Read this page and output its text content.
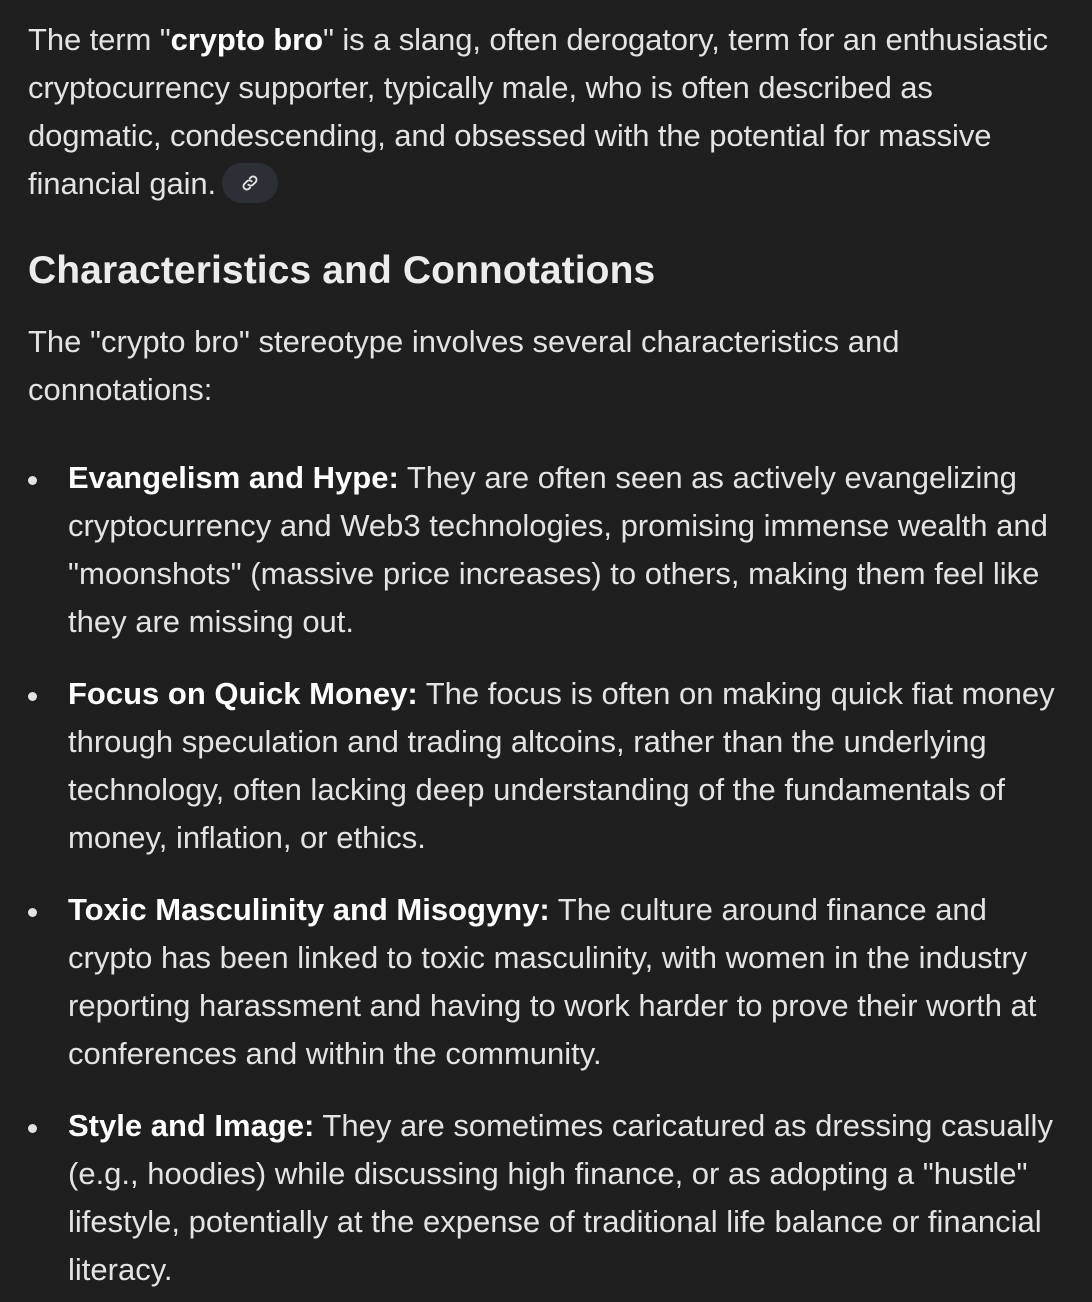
The term "crypto bro" is a slang, often derogatory, term for an enthusiastic cryptocurrency supporter, typically male, who is often described as dogmatic, condescending, and obsessed with the potential for massive financial gain.

Characteristics and Connotations

The "crypto bro" stereotype involves several characteristics and connotations:

Evangelism and Hype: They are often seen as actively evangelizing cryptocurrency and Web3 technologies, promising immense wealth and "moonshots" (massive price increases) to others, making them feel like they are missing out.
Focus on Quick Money: The focus is often on making quick fiat money through speculation and trading altcoins, rather than the underlying technology, often lacking deep understanding of the fundamentals of money, inflation, or ethics.
Toxic Masculinity and Misogyny: The culture around finance and crypto has been linked to toxic masculinity, with women in the industry reporting harassment and having to work harder to prove their worth at conferences and within the community.
Style and Image: They are sometimes caricatured as dressing casually (e.g., hoodies) while discussing high finance, or as adopting a "hustle" lifestyle, potentially at the expense of traditional life balance or financial literacy.
